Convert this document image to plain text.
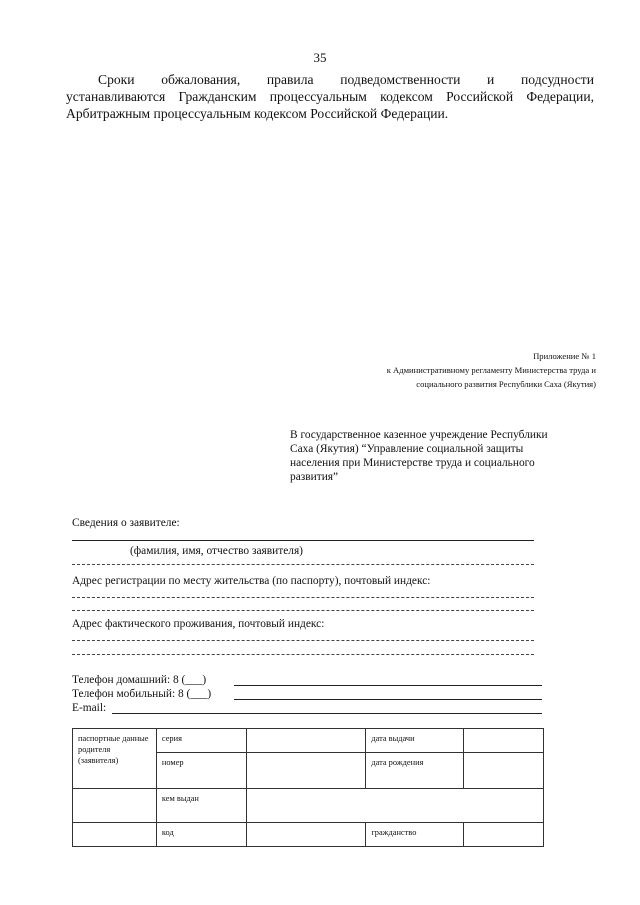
35
Сроки обжалования, правила подведомственности и подсудности
устанавливаются Гражданским процессуальным кодексом Российской Федерации, Арбитражным процессуальным кодексом Российской Федерации.
Приложение № 1
к Административному регламенту Министерства труда и
социального развития Республики Саха (Якутия)
В государственное казенное учреждение Республики
Саха (Якутия) “Управление социальной защиты
населения при Министерстве труда и социального
развития”
Сведения о заявителе:
(фамилия, имя, отчество заявителя)
Адрес регистрации по месту жительства (по паспорту), почтовый индекс:
Адрес фактического проживания, почтовый индекс:
Телефон домашний: 8 (___)
Телефон мобильный: 8 (___)
E-mail:
паспортные данные родителя (заявителя)	серия		дата выдачи	
	номер		дата рождения	
	кем выдан			
	код		гражданство	
